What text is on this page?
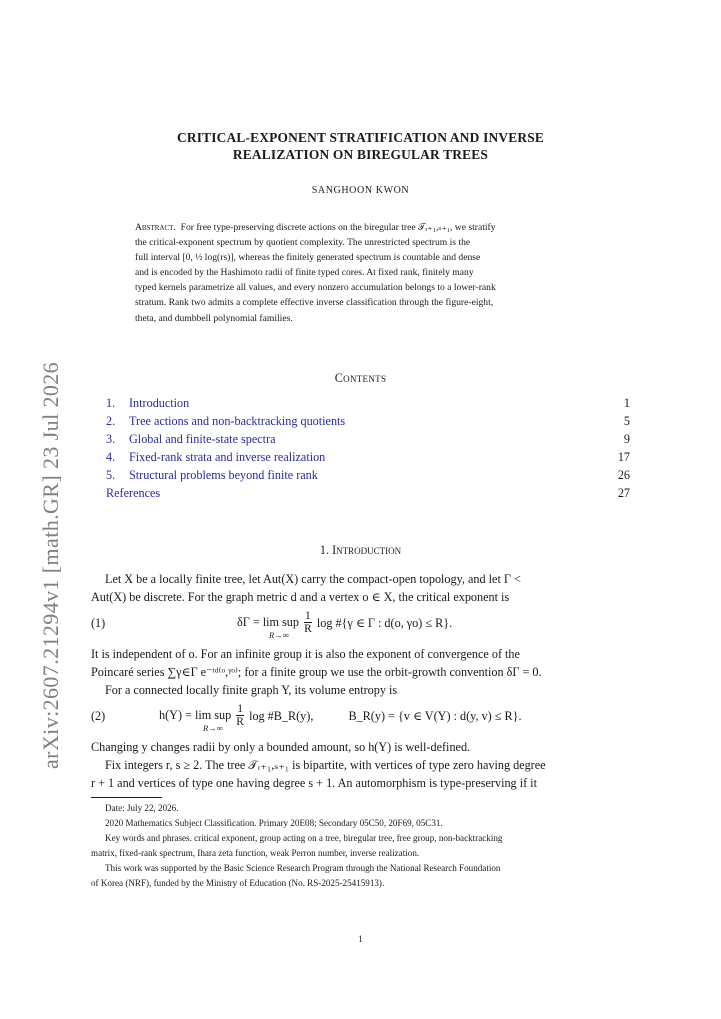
arXiv:2607.21294v1 [math.GR] 23 Jul 2026
CRITICAL-EXPONENT STRATIFICATION AND INVERSE
REALIZATION ON BIREGULAR TREES
SANGHOON KWON
Abstract. For free type-preserving discrete actions on the biregular tree 𝒯ᵣ₊₁,ₛ₊₁, we stratify
the critical-exponent spectrum by quotient complexity. The unrestricted spectrum is the
full interval [0, ½ log(rs)], whereas the finitely generated spectrum is countable and dense
and is encoded by the Hashimoto radii of finite typed cores. At fixed rank, finitely many
typed kernels parametrize all values, and every nonzero accumulation belongs to a lower-rank
stratum. Rank two admits a complete effective inverse classification through the figure-eight,
theta, and dumbbell polynomial families.
Contents
1. Introduction	1
2. Tree actions and non-backtracking quotients	5
3. Global and finite-state spectra	9
4. Fixed-rank strata and inverse realization	17
5. Structural problems beyond finite rank	26
References	27
1. Introduction
Let X be a locally finite tree, let Aut(X) carry the compact-open topology, and let Γ <
Aut(X) be discrete. For the graph metric d and a vertex o ∈ X, the critical exponent is
(1)	δΓ = lim sup
R→∞
	$\frac{1}{R}$ log #{γ ∈ Γ : d(o, γo) ≤ R}.
It is independent of o. For an infinite group it is also the exponent of convergence of the
Poincaré series ∑γ∈Γ e⁻ᵗᵈ⁽ᵒ,ᵞᵒ⁾; for a finite group we use the orbit-growth convention δΓ = 0.
For a connected locally finite graph Y, its volume entropy is
(2)	h(Y) = lim sup
R→∞
	$\frac{1}{R}$ log #B_R(y),	B_R(y) = {v ∈ V(Y) : d(y, v) ≤ R}.
Changing y changes radii by only a bounded amount, so h(Y) is well-defined.
Fix integers r, s ≥ 2. The tree 𝒯ᵣ₊₁,ₛ₊₁ is bipartite, with vertices of type zero having degree
r + 1 and vertices of type one having degree s + 1. An automorphism is type-preserving if it
Date: July 22, 2026.
2020 Mathematics Subject Classification. Primary 20E08; Secondary 05C50, 20F69, 05C31.
Key words and phrases. critical exponent, group acting on a tree, biregular tree, free group, non-backtracking
matrix, fixed-rank spectrum, Ihara zeta function, weak Perron number, inverse realization.
This work was supported by the Basic Science Research Program through the National Research Foundation
of Korea (NRF), funded by the Ministry of Education (No. RS-2025-25415913).
1
